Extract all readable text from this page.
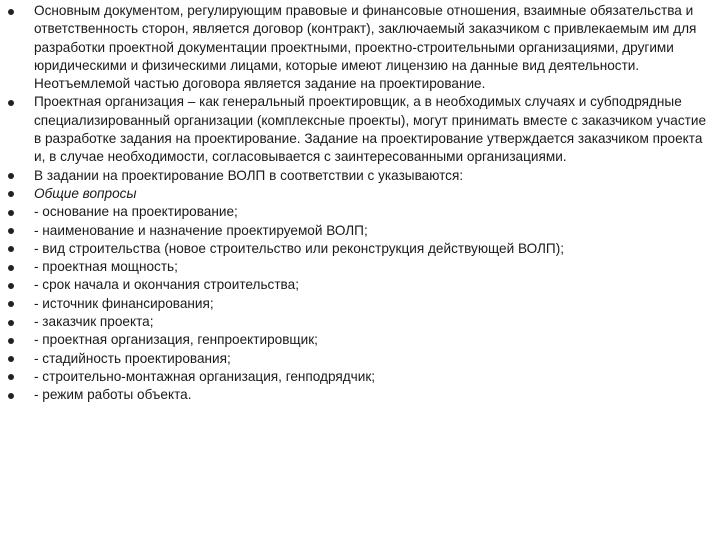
Основным документом, регулирующим правовые и финансовые отношения, взаимные обязательства и ответственность сторон, является договор (контракт), заключаемый заказчиком с привлекаемым им для разработки проектной документации проектными, проектно-строительными организациями, другими юридическими и физическими лицами, которые имеют лицензию на данные вид деятельности. Неотъемлемой частью договора является задание на проектирование.
Проектная организация – как генеральный проектировщик, а в необходимых случаях и субподрядные специализированный организации (комплексные проекты), могут принимать вместе с заказчиком участие в разработке задания на проектирование. Задание на проектирование утверждается заказчиком проекта и, в случае необходимости, согласовывается с заинтересованными организациями.
В задании на проектирование ВОЛП в соответствии с указываются:
Общие вопросы
- основание на проектирование;
- наименование и назначение проектируемой ВОЛП;
- вид строительства (новое строительство или реконструкция действующей ВОЛП);
- проектная мощность;
- срок начала и окончания строительства;
- источник финансирования;
- заказчик проекта;
- проектная организация, генпроектировщик;
- стадийность проектирования;
- строительно-монтажная организация, генподрядчик;
- режим работы объекта.
